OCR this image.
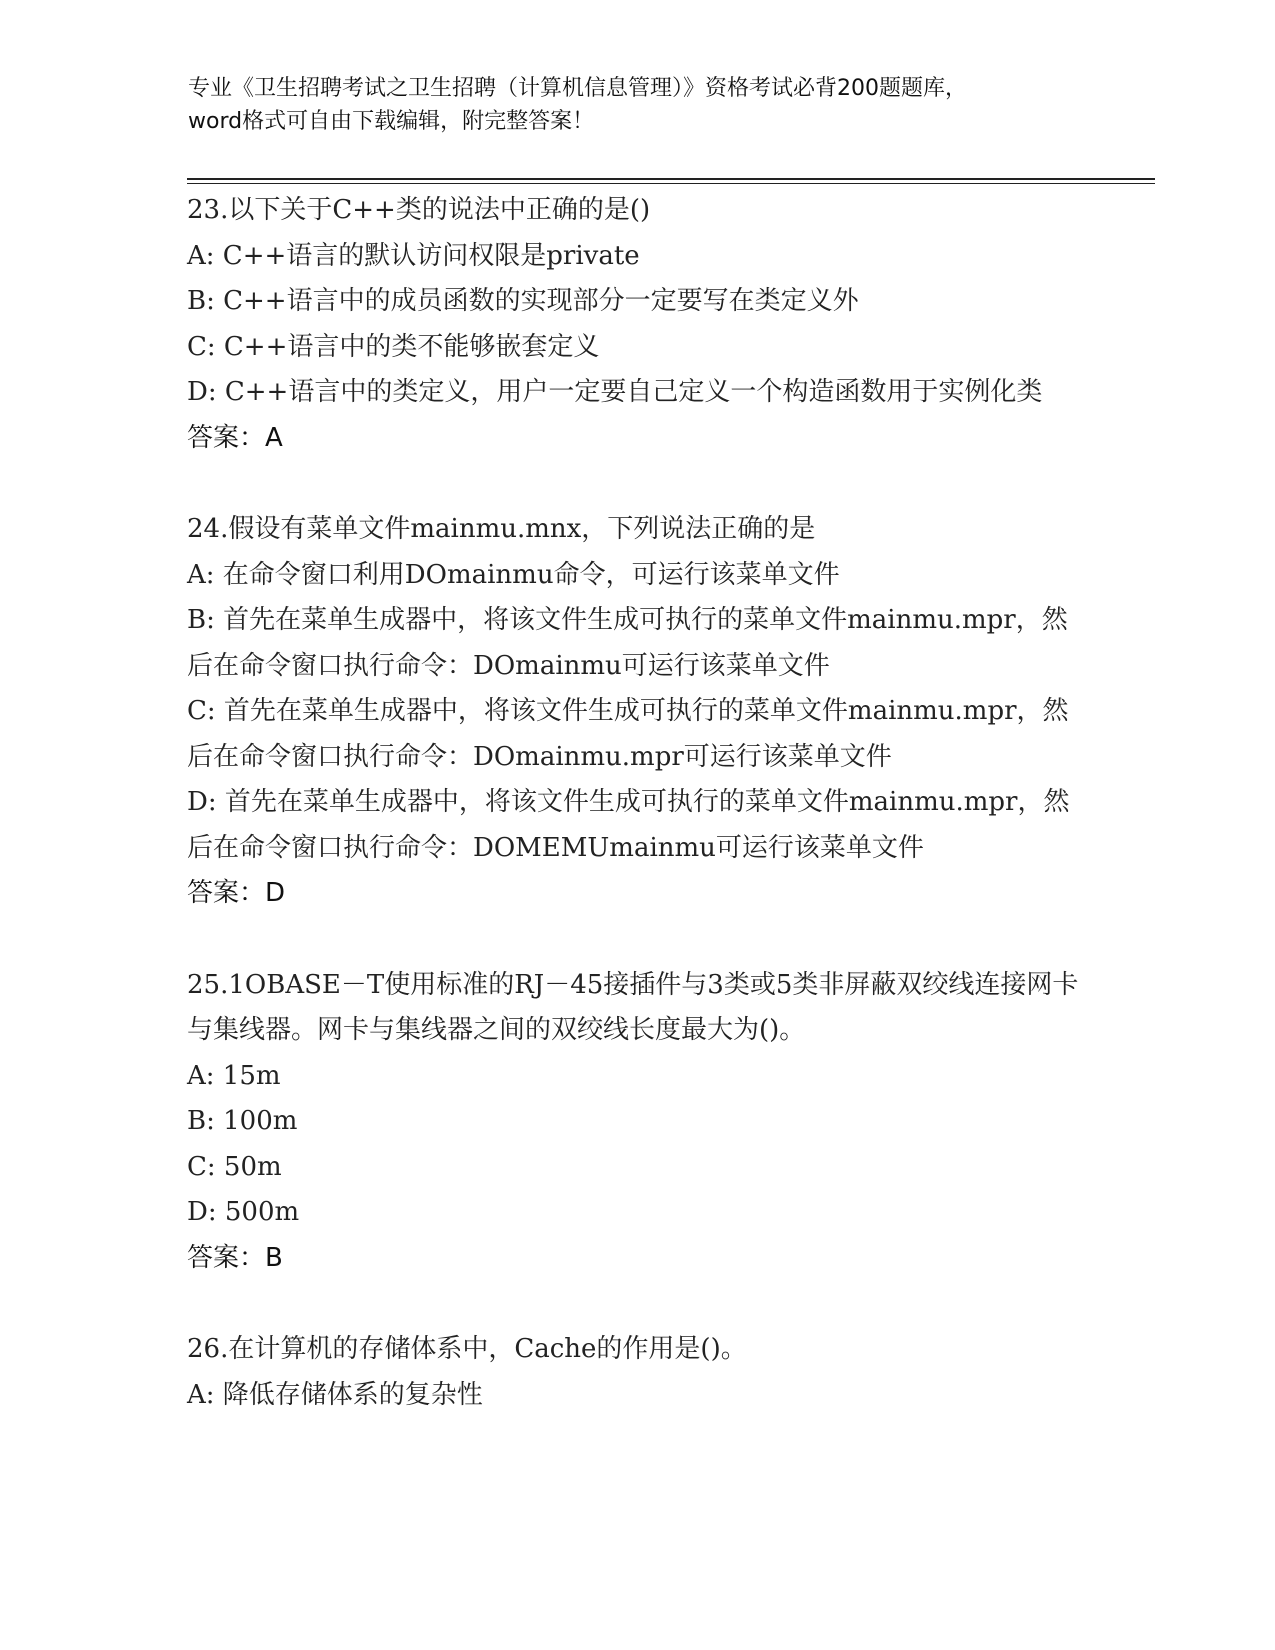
专业《卫生招聘考试之卫生招聘（计算机信息管理）》资格考试必背200题题库，
word格式可自由下载编辑，附完整答案！
23.以下关于C++类的说法中正确的是()
A: C++语言的默认访问权限是private
B: C++语言中的成员函数的实现部分一定要写在类定义外
C: C++语言中的类不能够嵌套定义
D: C++语言中的类定义，用户一定要自己定义一个构造函数用于实例化类
答案：A
24.假设有菜单文件mainmu.mnx，下列说法正确的是
A: 在命令窗口利用DOmainmu命令，可运行该菜单文件
B: 首先在菜单生成器中，将该文件生成可执行的菜单文件mainmu.mpr，然后在命令窗口执行命令：DOmainmu可运行该菜单文件
C: 首先在菜单生成器中，将该文件生成可执行的菜单文件mainmu.mpr，然后在命令窗口执行命令：DOmainmu.mpr可运行该菜单文件
D: 首先在菜单生成器中，将该文件生成可执行的菜单文件mainmu.mpr，然后在命令窗口执行命令：DOMEMUmainmu可运行该菜单文件
答案：D
25.1OBASE－T使用标准的RJ－45接插件与3类或5类非屏蔽双绞线连接网卡与集线器。网卡与集线器之间的双绞线长度最大为()。
A: 15m
B: 100m
C: 50m
D: 500m
答案：B
26.在计算机的存储体系中，Cache的作用是()。
A: 降低存储体系的复杂性
